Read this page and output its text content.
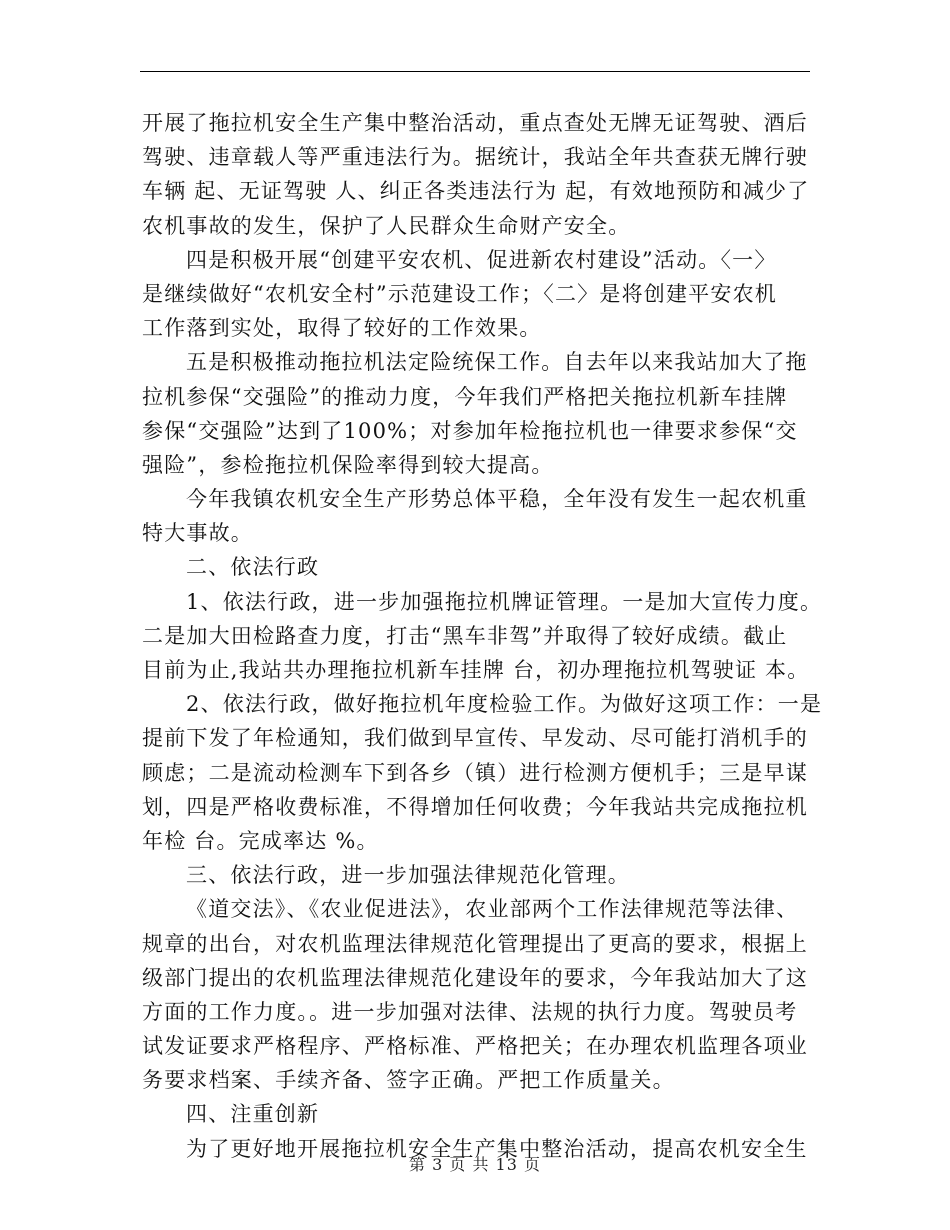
开展了拖拉机安全生产集中整治活动，重点查处无牌无证驾驶、酒后
驾驶、违章载人等严重违法行为。据统计，我站全年共查获无牌行驶
车辆 起、无证驾驶 人、纠正各类违法行为 起，有效地预防和减少了
农机事故的发生，保护了人民群众生命财产安全。
四是积极开展“创建平安农机、促进新农村建设”活动。〈一〉
是继续做好“农机安全村”示范建设工作；〈二〉是将创建平安农机
工作落到实处，取得了较好的工作效果。
五是积极推动拖拉机法定险统保工作。自去年以来我站加大了拖
拉机参保“交强险”的推动力度，今年我们严格把关拖拉机新车挂牌
参保“交强险”达到了100%；对参加年检拖拉机也一律要求参保“交
强险”，参检拖拉机保险率得到较大提高。
今年我镇农机安全生产形势总体平稳，全年没有发生一起农机重
特大事故。
二、依法行政
1、依法行政，进一步加强拖拉机牌证管理。一是加大宣传力度。
二是加大田检路查力度，打击“黑车非驾”并取得了较好成绩。截止
目前为止,我站共办理拖拉机新车挂牌 台，初办理拖拉机驾驶证 本。
2、依法行政，做好拖拉机年度检验工作。为做好这项工作：一是
提前下发了年检通知，我们做到早宣传、早发动、尽可能打消机手的
顾虑；二是流动检测车下到各乡（镇）进行检测方便机手；三是早谋
划，四是严格收费标准，不得增加任何收费；今年我站共完成拖拉机
年检 台。完成率达 %。
三、依法行政，进一步加强法律规范化管理。
《道交法》、《农业促进法》，农业部两个工作法律规范等法律、
规章的出台，对农机监理法律规范化管理提出了更高的要求，根据上
级部门提出的农机监理法律规范化建设年的要求，今年我站加大了这
方面的工作力度。。进一步加强对法律、法规的执行力度。驾驶员考
试发证要求严格程序、严格标准、严格把关；在办理农机监理各项业
务要求档案、手续齐备、签字正确。严把工作质量关。
四、注重创新
为了更好地开展拖拉机安全生产集中整治活动，提高农机安全生
第 3 页 共 13 页
